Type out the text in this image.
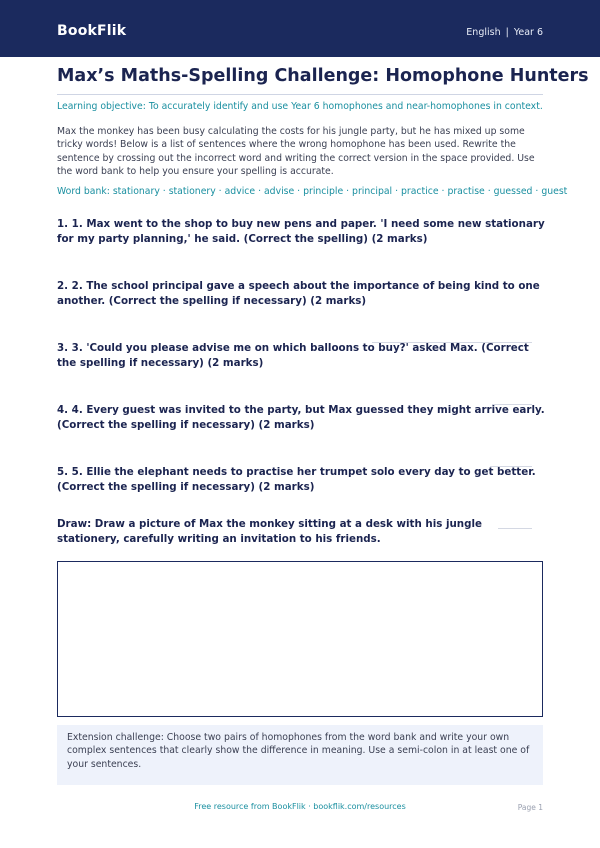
BookFlik	English | Year 6
Max’s Maths-Spelling Challenge: Homophone Hunters
Learning objective: To accurately identify and use Year 6 homophones and near-homophones in context.
Max the monkey has been busy calculating the costs for his jungle party, but he has mixed up some tricky words! Below is a list of sentences where the wrong homophone has been used. Rewrite the sentence by crossing out the incorrect word and writing the correct version in the space provided. Use the word bank to help you ensure your spelling is accurate.
Word bank: stationary · stationery · advice · advise · principle · principal · practice · practise · guessed · guest
1. 1. Max went to the shop to buy new pens and paper. 'I need some new stationary for my party planning,' he said. (Correct the spelling) (2 marks)
2. 2. The school principal gave a speech about the importance of being kind to one another. (Correct the spelling if necessary) (2 marks)
3. 3. 'Could you please advise me on which balloons to buy?' asked Max. (Correct the spelling if necessary) (2 marks)
4. 4. Every guest was invited to the party, but Max guessed they might arrive early. (Correct the spelling if necessary) (2 marks)
5. 5. Ellie the elephant needs to practise her trumpet solo every day to get better. (Correct the spelling if necessary) (2 marks)
Draw: Draw a picture of Max the monkey sitting at a desk with his jungle stationery, carefully writing an invitation to his friends.
Extension challenge: Choose two pairs of homophones from the word bank and write your own complex sentences that clearly show the difference in meaning. Use a semi-colon in at least one of your sentences.
Free resource from BookFlik · bookflik.com/resources	Page 1
